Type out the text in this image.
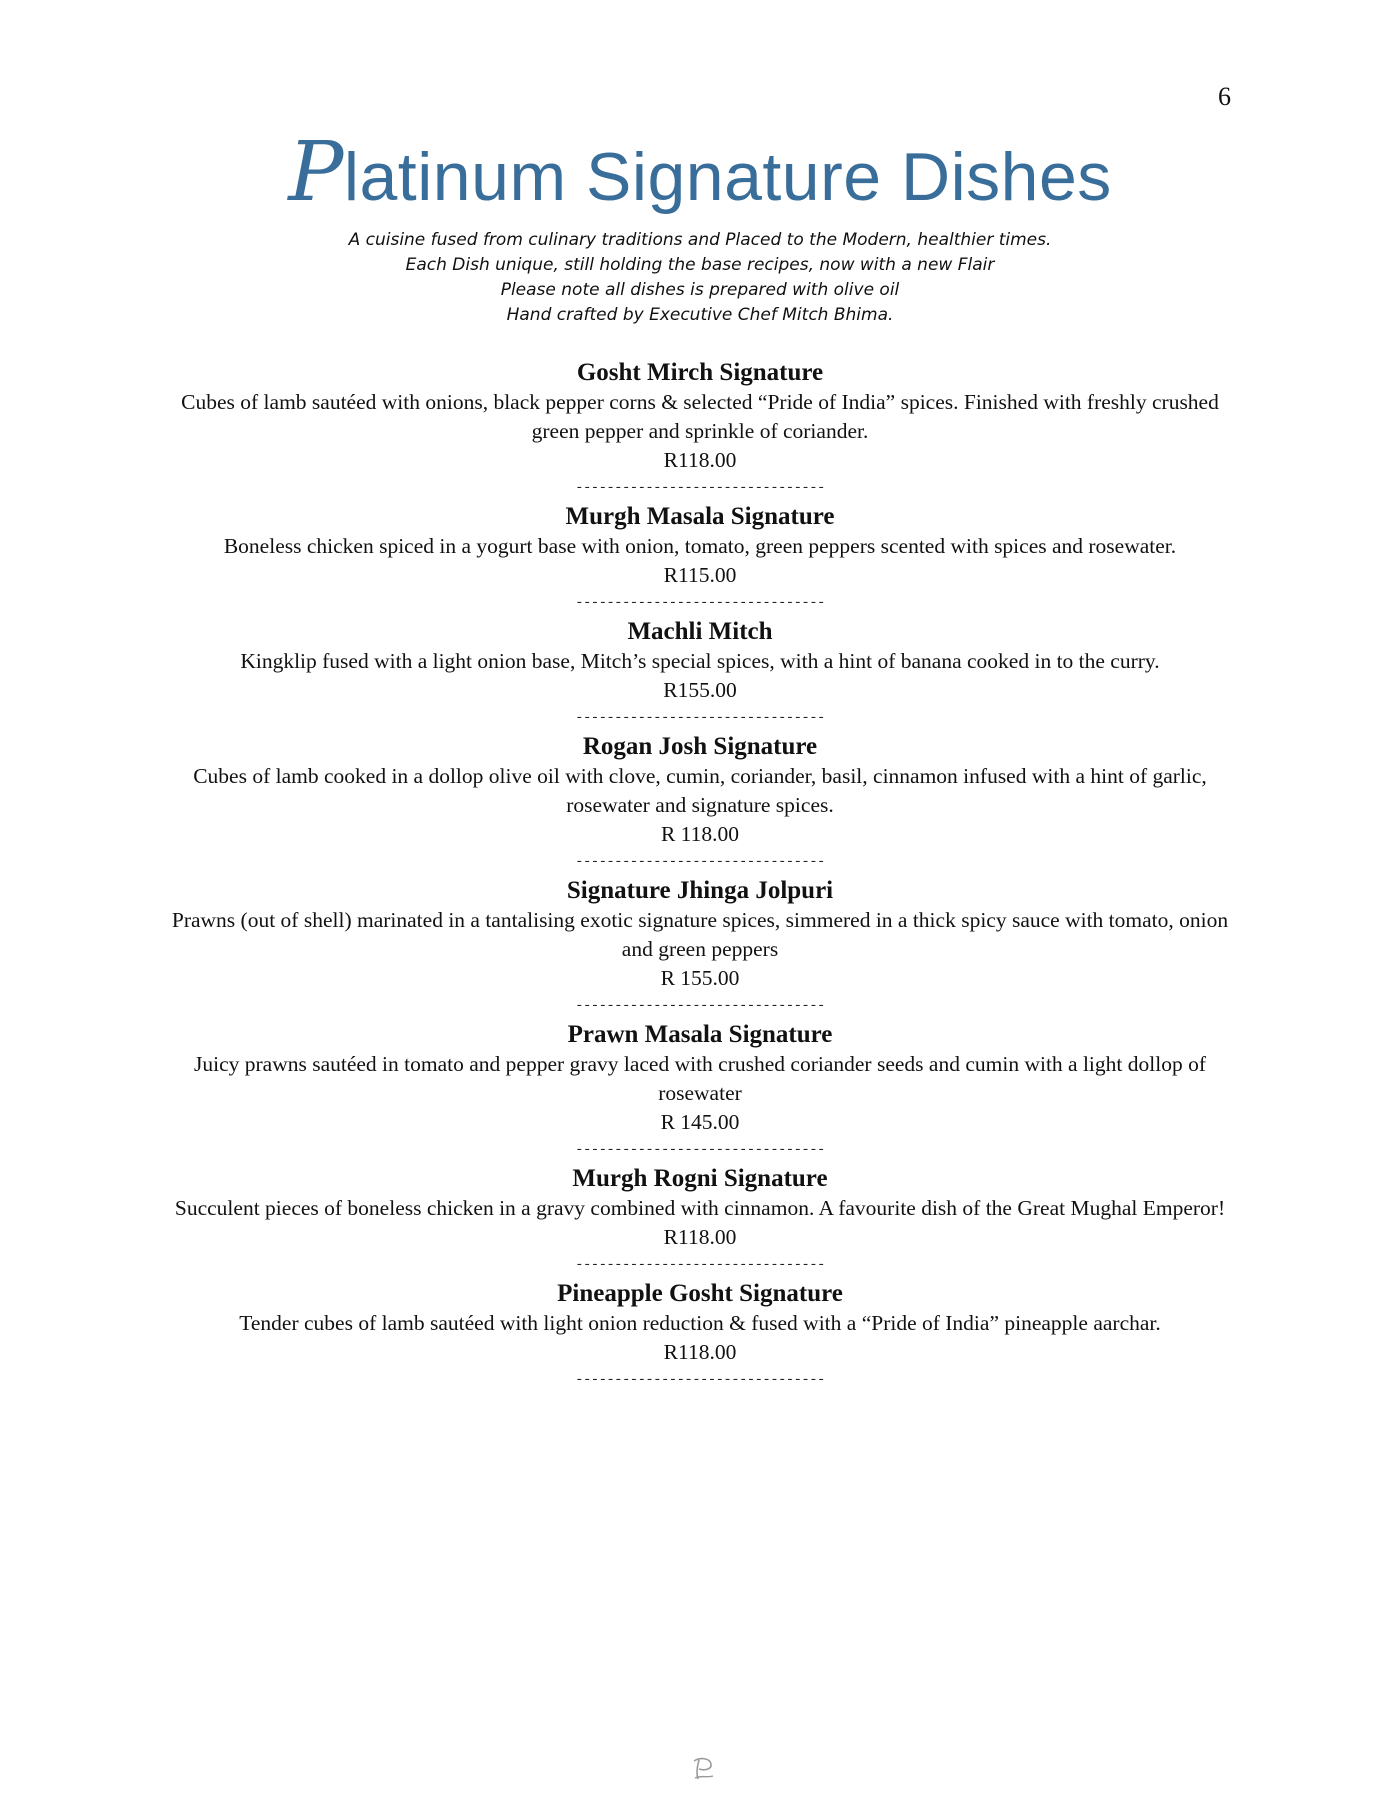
6
Platinum Signature Dishes
A cuisine fused from culinary traditions and Placed to the Modern, healthier times.
Each Dish unique, still holding the base recipes, now with a new Flair
Please note all dishes is prepared with olive oil
Hand crafted by Executive Chef Mitch Bhima.
Gosht Mirch Signature
Cubes of lamb sautéed with onions, black pepper corns & selected “Pride of India” spices. Finished with freshly crushed green pepper and sprinkle of coriander.
R118.00
--------------------------------
Murgh Masala Signature
Boneless chicken spiced in a yogurt base with onion, tomato, green peppers scented with spices and rosewater.
R115.00
--------------------------------
Machli Mitch
Kingklip fused with a light onion base, Mitch’s special spices, with a hint of banana cooked in to the curry.
R155.00
--------------------------------
Rogan Josh Signature
Cubes of lamb cooked in a dollop olive oil with clove, cumin, coriander, basil, cinnamon infused with a hint of garlic, rosewater and signature spices.
R 118.00
--------------------------------
Signature Jhinga Jolpuri
Prawns (out of shell) marinated in a tantalising exotic signature spices, simmered in a thick spicy sauce with tomato, onion and green peppers
R 155.00
--------------------------------
Prawn Masala Signature
Juicy prawns sautéed in tomato and pepper gravy laced with crushed coriander seeds and cumin with a light dollop of rosewater
R 145.00
--------------------------------
Murgh Rogni Signature
Succulent pieces of boneless chicken in a gravy combined with cinnamon. A favourite dish of the Great Mughal Emperor!
R118.00
--------------------------------
Pineapple Gosht Signature
Tender cubes of lamb sautéed with light onion reduction & fused with a “Pride of India” pineapple aarchar.
R118.00
--------------------------------
